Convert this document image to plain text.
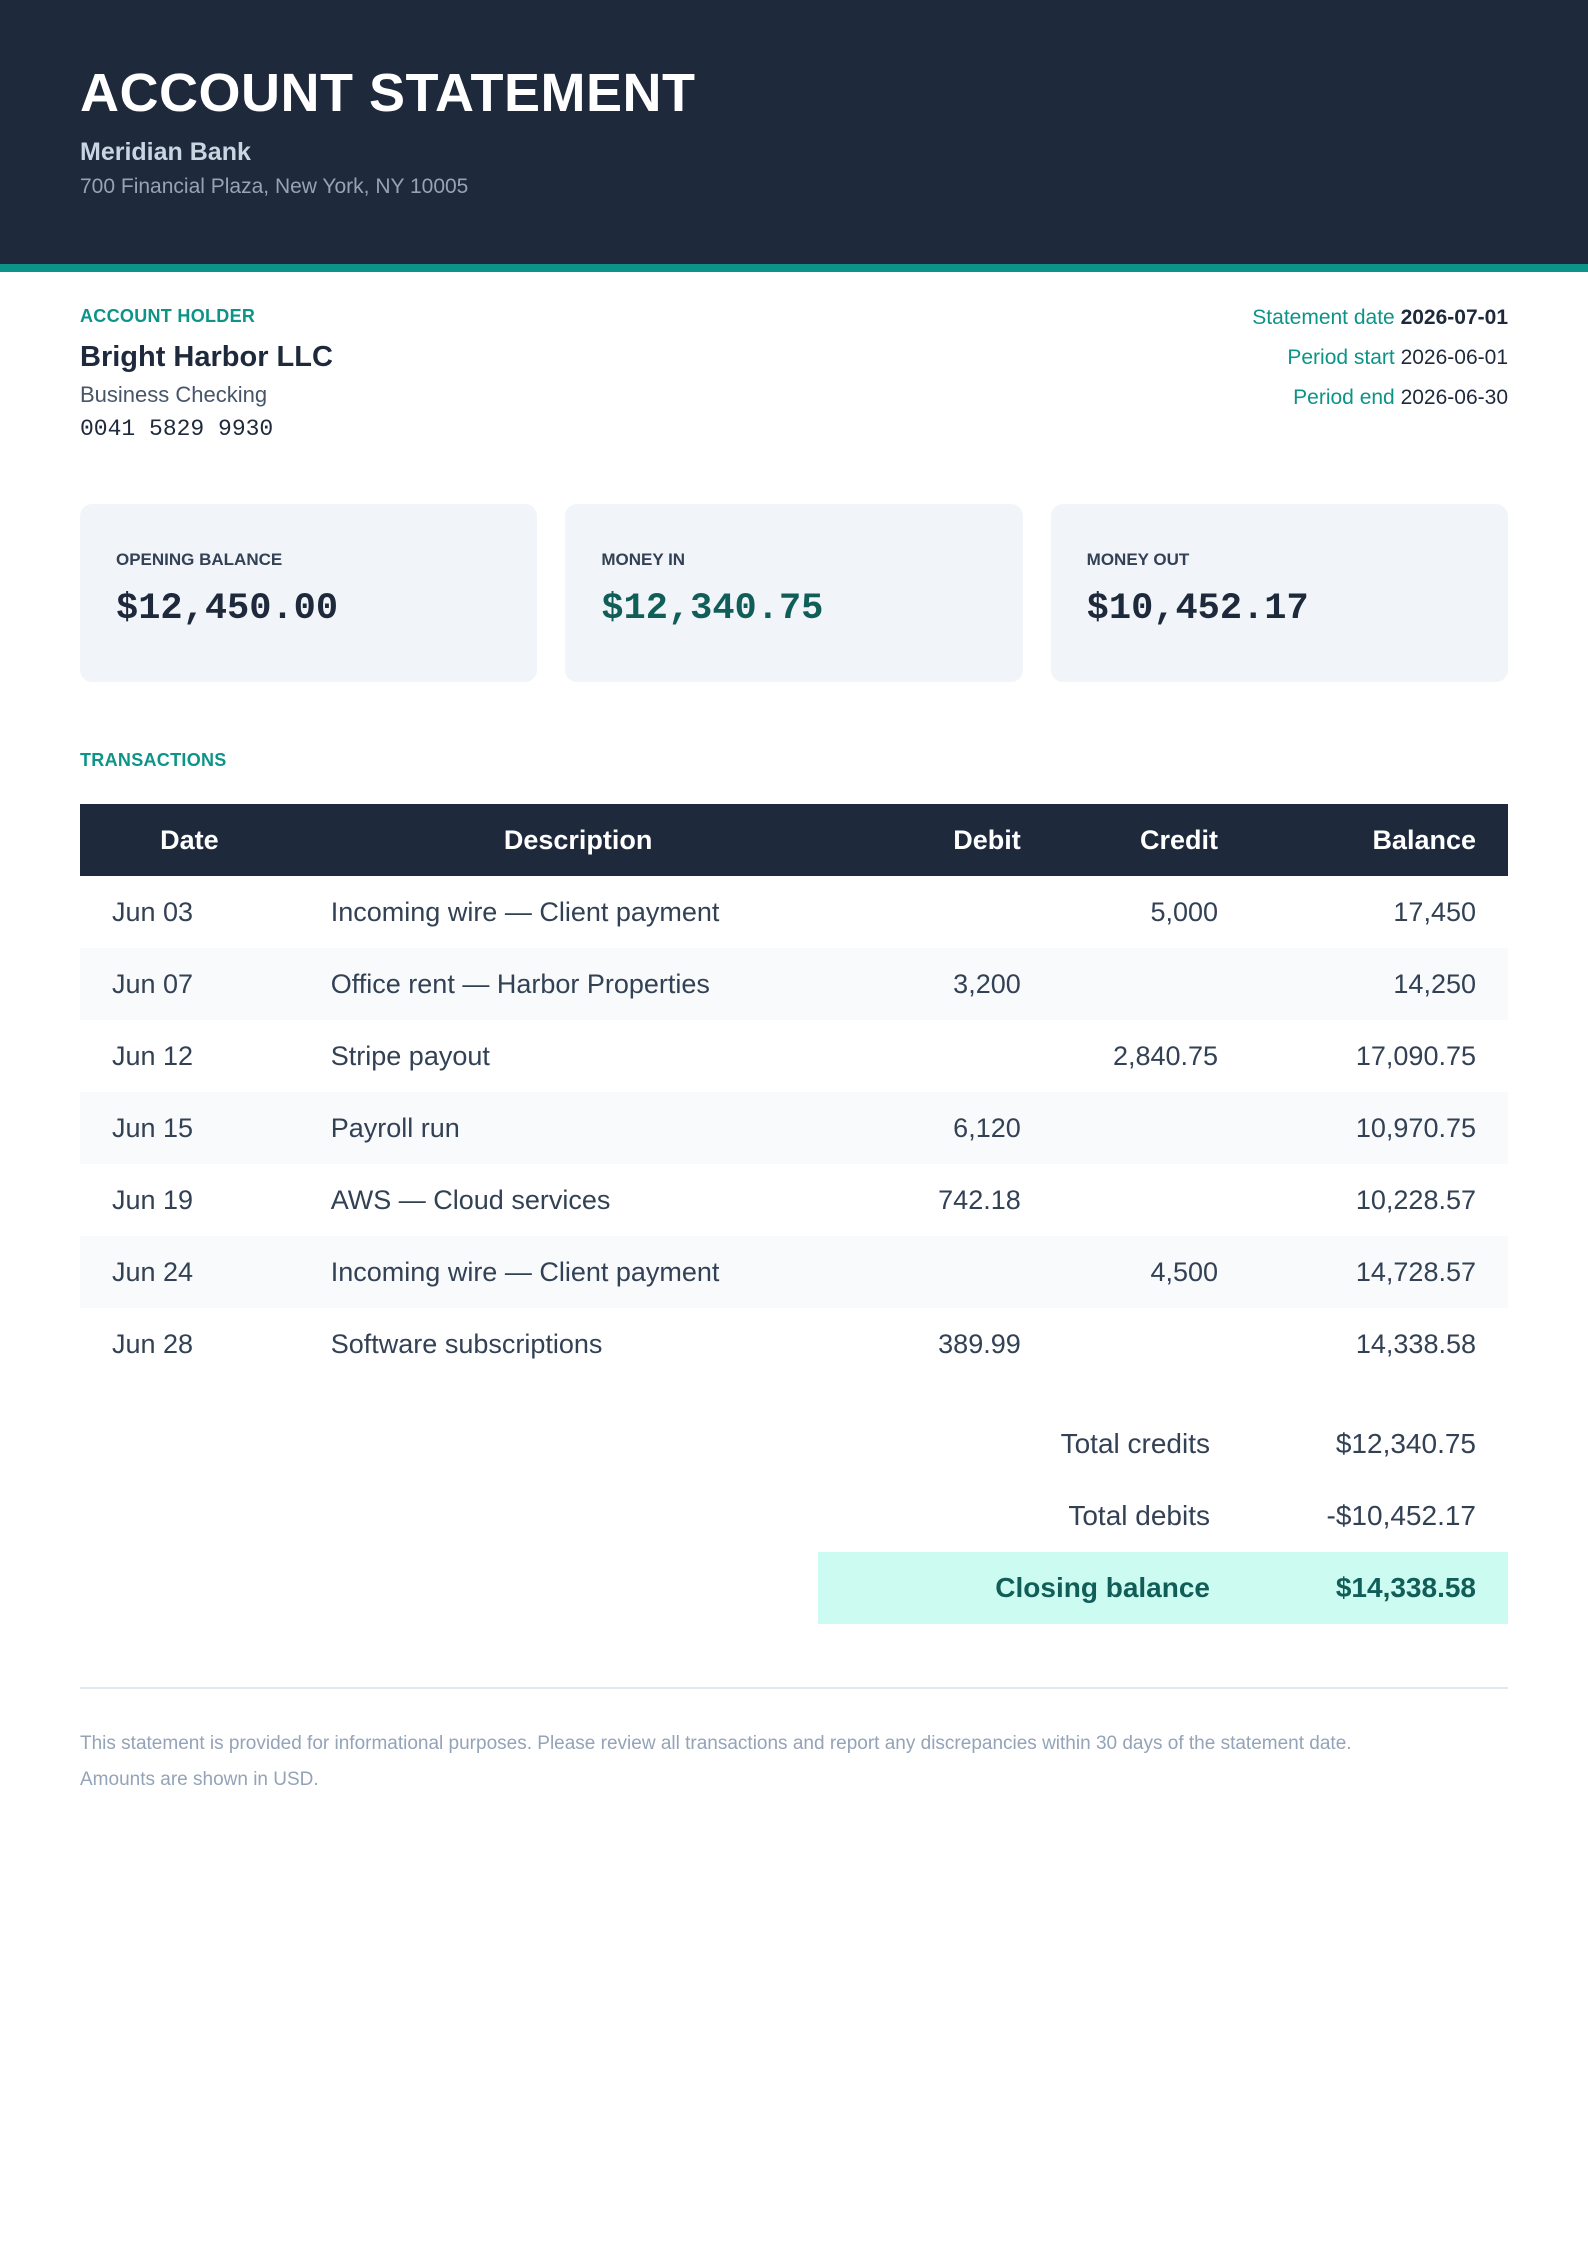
ACCOUNT STATEMENT
Meridian Bank
700 Financial Plaza, New York, NY 10005
ACCOUNT HOLDER
Bright Harbor LLC
Business Checking
0041 5829 9930
Statement date 2026-07-01
Period start 2026-06-01
Period end 2026-06-30
OPENING BALANCE
$12,450.00
MONEY IN
$12,340.75
MONEY OUT
$10,452.17
TRANSACTIONS
Date	Description	Debit	Credit	Balance
Jun 03	Incoming wire — Client payment		5,000	17,450
Jun 07	Office rent — Harbor Properties	3,200		14,250
Jun 12	Stripe payout		2,840.75	17,090.75
Jun 15	Payroll run	6,120		10,970.75
Jun 19	AWS — Cloud services	742.18		10,228.57
Jun 24	Incoming wire — Client payment		4,500	14,728.57
Jun 28	Software subscriptions	389.99		14,338.58
Total credits	$12,340.75
Total debits	-$10,452.17
Closing balance	$14,338.58
This statement is provided for informational purposes. Please review all transactions and report any discrepancies within 30 days of the statement date.
Amounts are shown in USD.
